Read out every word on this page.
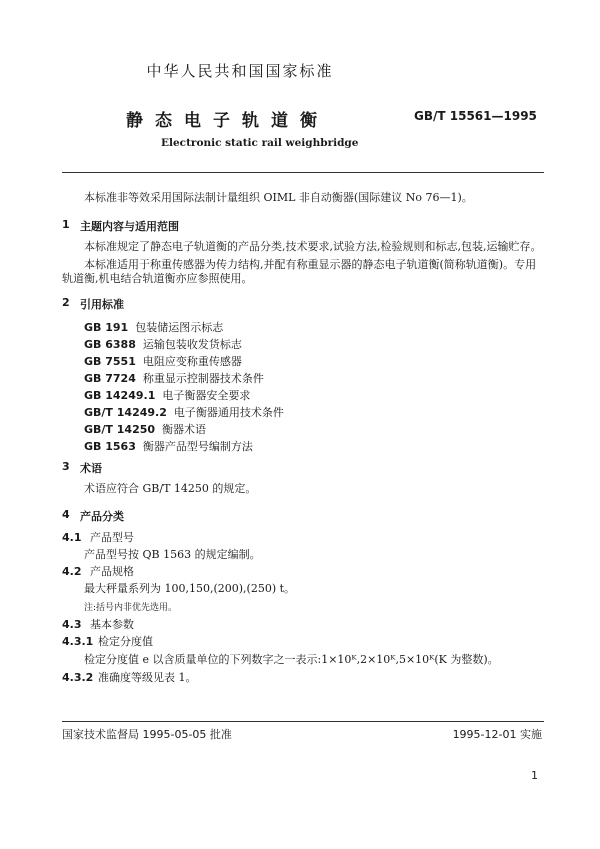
中华人民共和国国家标准
静态电子轨道衡	GB/T 15561—1995
Electronic static rail weighbridge
本标准非等效采用国际法制计量组织 OIML 非自动衡器(国际建议 No 76—1)。
1 主题内容与适用范围
本标准规定了静态电子轨道衡的产品分类,技术要求,试验方法,检验规则和标志,包装,运输贮存。
本标准适用于称重传感器为传力结构,并配有称重显示器的静态电子轨道衡(简称轨道衡)。专用轨道衡,机电结合轨道衡亦应参照使用。
2 引用标准
GB 191 包装储运图示标志
GB 6388 运输包装收发货标志
GB 7551 电阻应变称重传感器
GB 7724 称重显示控制器技术条件
GB 14249.1 电子衡器安全要求
GB/T 14249.2 电子衡器通用技术条件
GB/T 14250 衡器术语
GB 1563 衡器产品型号编制方法
3 术语
术语应符合 GB/T 14250 的规定。
4 产品分类
4.1 产品型号
产品型号按 QB 1563 的规定编制。
4.2 产品规格
最大秤量系列为 100,150,(200),(250) t。
注:括号内非优先选用。
4.3 基本参数
4.3.1 检定分度值
检定分度值 e 以含质量单位的下列数字之一表示:1×10ᴷ,2×10ᴷ,5×10ᴷ(K 为整数)。
4.3.2 准确度等级见表 1。
国家技术监督局 1995-05-05 批准	1995-12-01 实施
1
